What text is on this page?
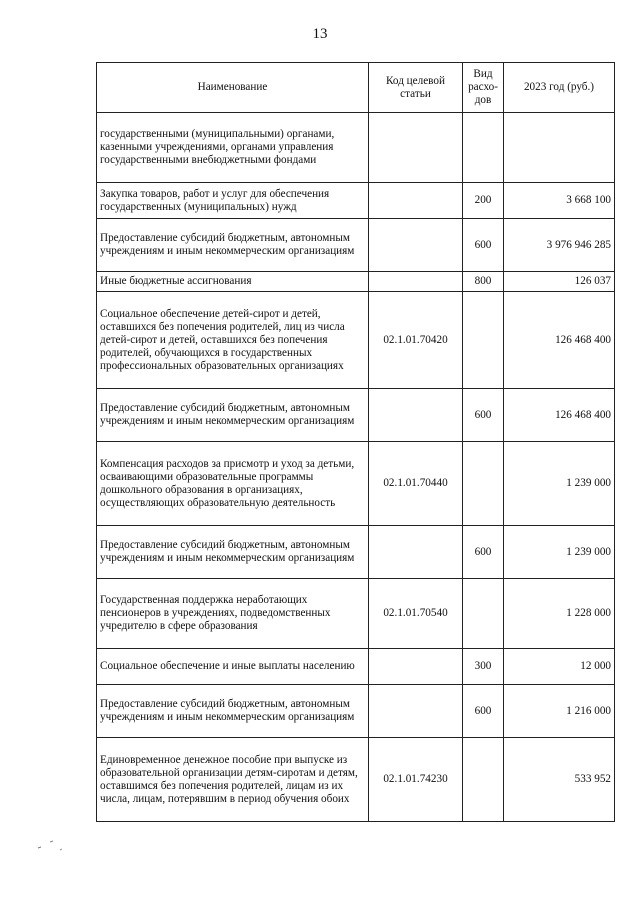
13
Наименование	Код целевой статьи	Вид расхо-дов	2023 год (руб.)
государственными (муниципальными) органами, казенными учреждениями, органами управления государственными внебюджетными фондами			
Закупка товаров, работ и услуг для обеспечения государственных (муниципальных) нужд		200	3 668 100
Предоставление субсидий бюджетным, автономным учреждениям и иным некоммерческим организациям		600	3 976 946 285
Иные бюджетные ассигнования		800	126 037
Социальное обеспечение детей-сирот и детей, оставшихся без попечения родителей, лиц из числа детей-сирот и детей, оставшихся без попечения родителей, обучающихся в государственных профессиональных образовательных организациях	02.1.01.70420		126 468 400
Предоставление субсидий бюджетным, автономным учреждениям и иным некоммерческим организациям		600	126 468 400
Компенсация расходов за присмотр и уход за детьми, осваивающими образовательные программы дошкольного образования в организациях, осуществляющих образовательную деятельность	02.1.01.70440		1 239 000
Предоставление субсидий бюджетным, автономным учреждениям и иным некоммерческим организациям		600	1 239 000
Государственная поддержка неработающих пенсионеров в учреждениях, подведомственных учредителю в сфере образования	02.1.01.70540		1 228 000
Социальное обеспечение и иные выплаты населению		300	12 000
Предоставление субсидий бюджетным, автономным учреждениям и иным некоммерческим организациям		600	1 216 000
Единовременное денежное пособие при выпуске из образовательной организации детям-сиротам и детям, оставшимся без попечения родителей, лицам из их числа, лицам, потерявшим в период обучения обоих	02.1.01.74230		533 952
